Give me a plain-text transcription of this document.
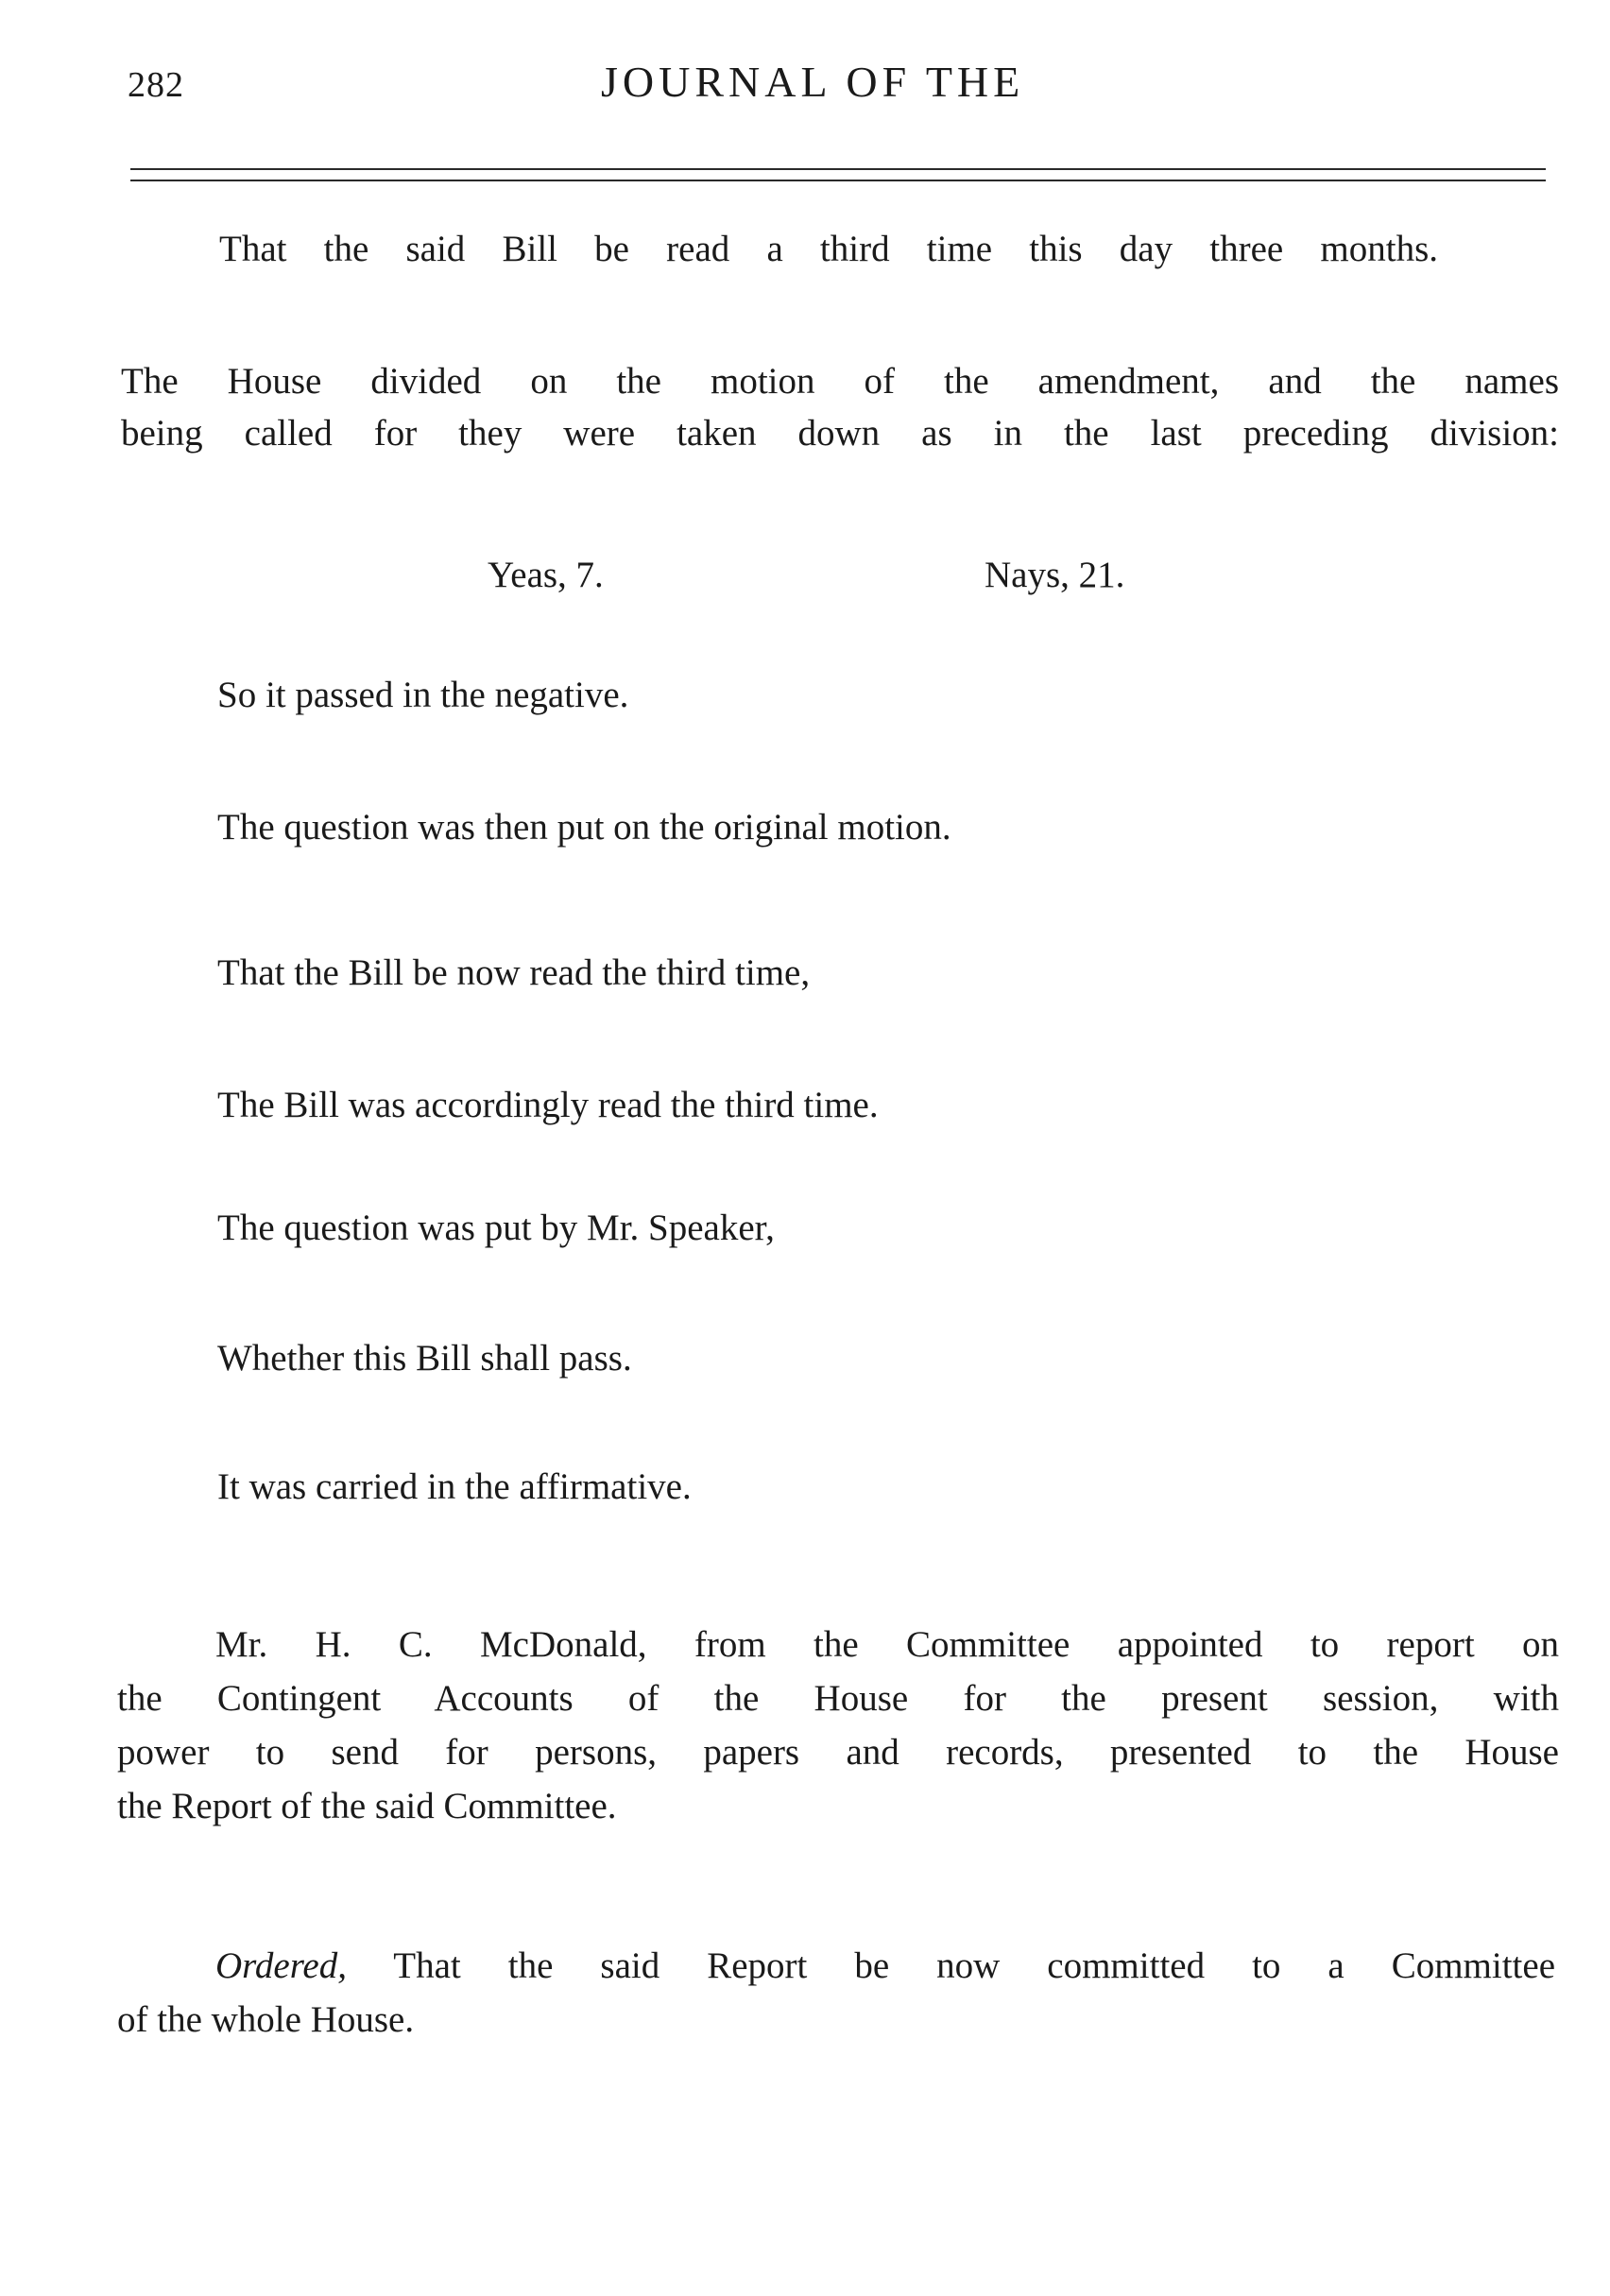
282	JOURNAL OF THE

That the said Bill be read a third time this day three months.

The House divided on the motion of the amendment, and the names
being called for they were taken down as in the last preceding division:

Yeas, 7.	Nays, 21.

So it passed in the negative.

The question was then put on the original motion.

That the Bill be now read the third time,

The Bill was accordingly read the third time.

The question was put by Mr. Speaker,

Whether this Bill shall pass.

It was carried in the affirmative.

Mr. H. C. McDonald, from the Committee appointed to report on
the Contingent Accounts of the House for the present session, with
power to send for persons, papers and records, presented to the House
the Report of the said Committee.

Ordered, That the said Report be now committed to a Committee
of the whole House.
